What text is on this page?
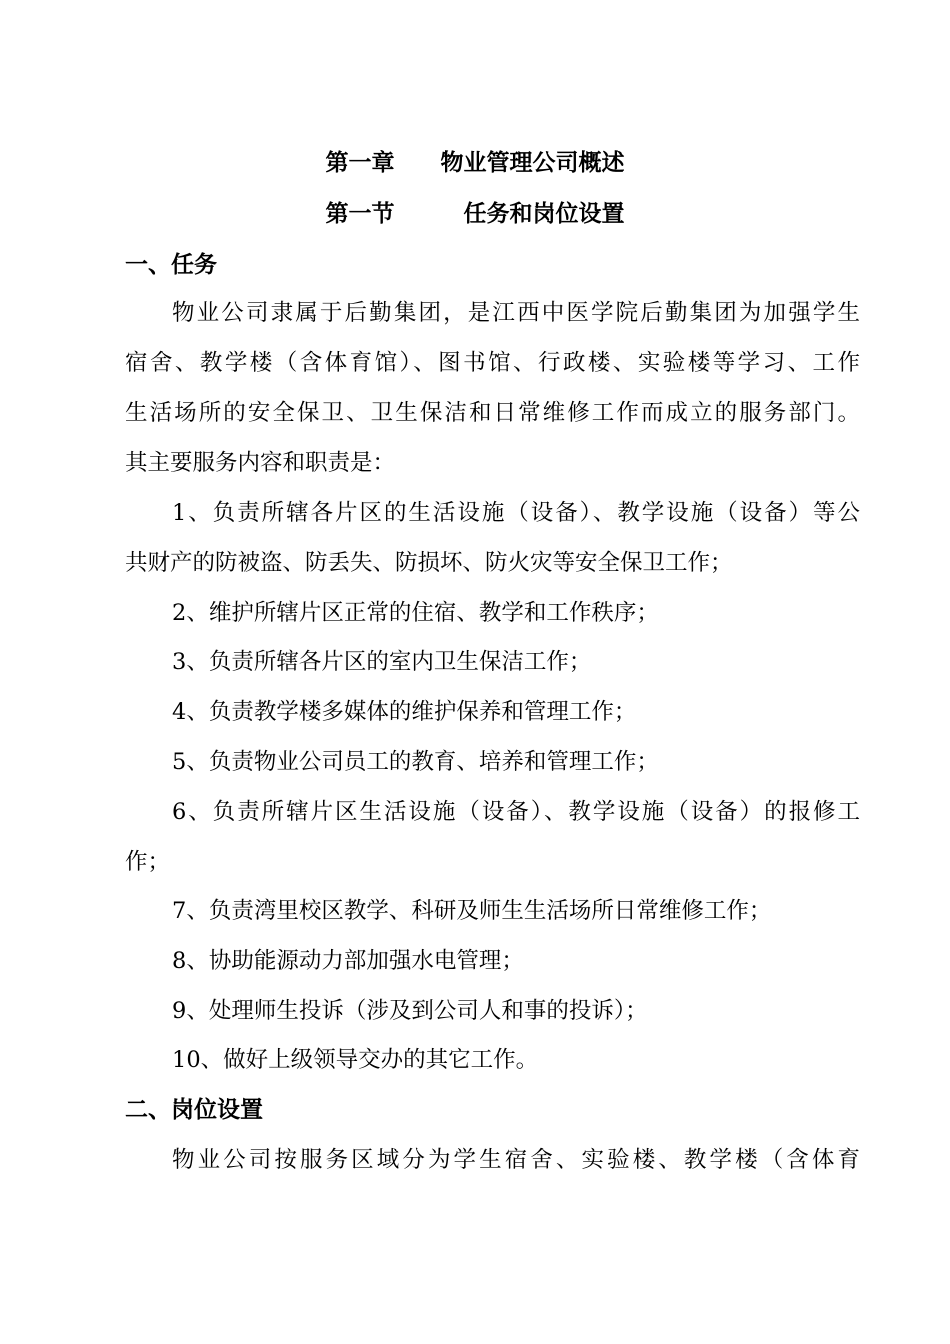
第一章　　物业管理公司概述
第一节　　　任务和岗位设置
一、任务
物业公司隶属于后勤集团，是江西中医学院后勤集团为加强学生
宿舍、教学楼（含体育馆）、图书馆、行政楼、实验楼等学习、工作
生活场所的安全保卫、卫生保洁和日常维修工作而成立的服务部门。
其主要服务内容和职责是：
1、负责所辖各片区的生活设施（设备）、教学设施（设备）等公
共财产的防被盗、防丢失、防损坏、防火灾等安全保卫工作；
2、维护所辖片区正常的住宿、教学和工作秩序；
3、负责所辖各片区的室内卫生保洁工作；
4、负责教学楼多媒体的维护保养和管理工作；
5、负责物业公司员工的教育、培养和管理工作；
6、负责所辖片区生活设施（设备）、教学设施（设备）的报修工
作；
7、负责湾里校区教学、科研及师生生活场所日常维修工作；
8、协助能源动力部加强水电管理；
9、处理师生投诉（涉及到公司人和事的投诉）；
10、做好上级领导交办的其它工作。
二、岗位设置
物业公司按服务区域分为学生宿舍、实验楼、教学楼（含体育
